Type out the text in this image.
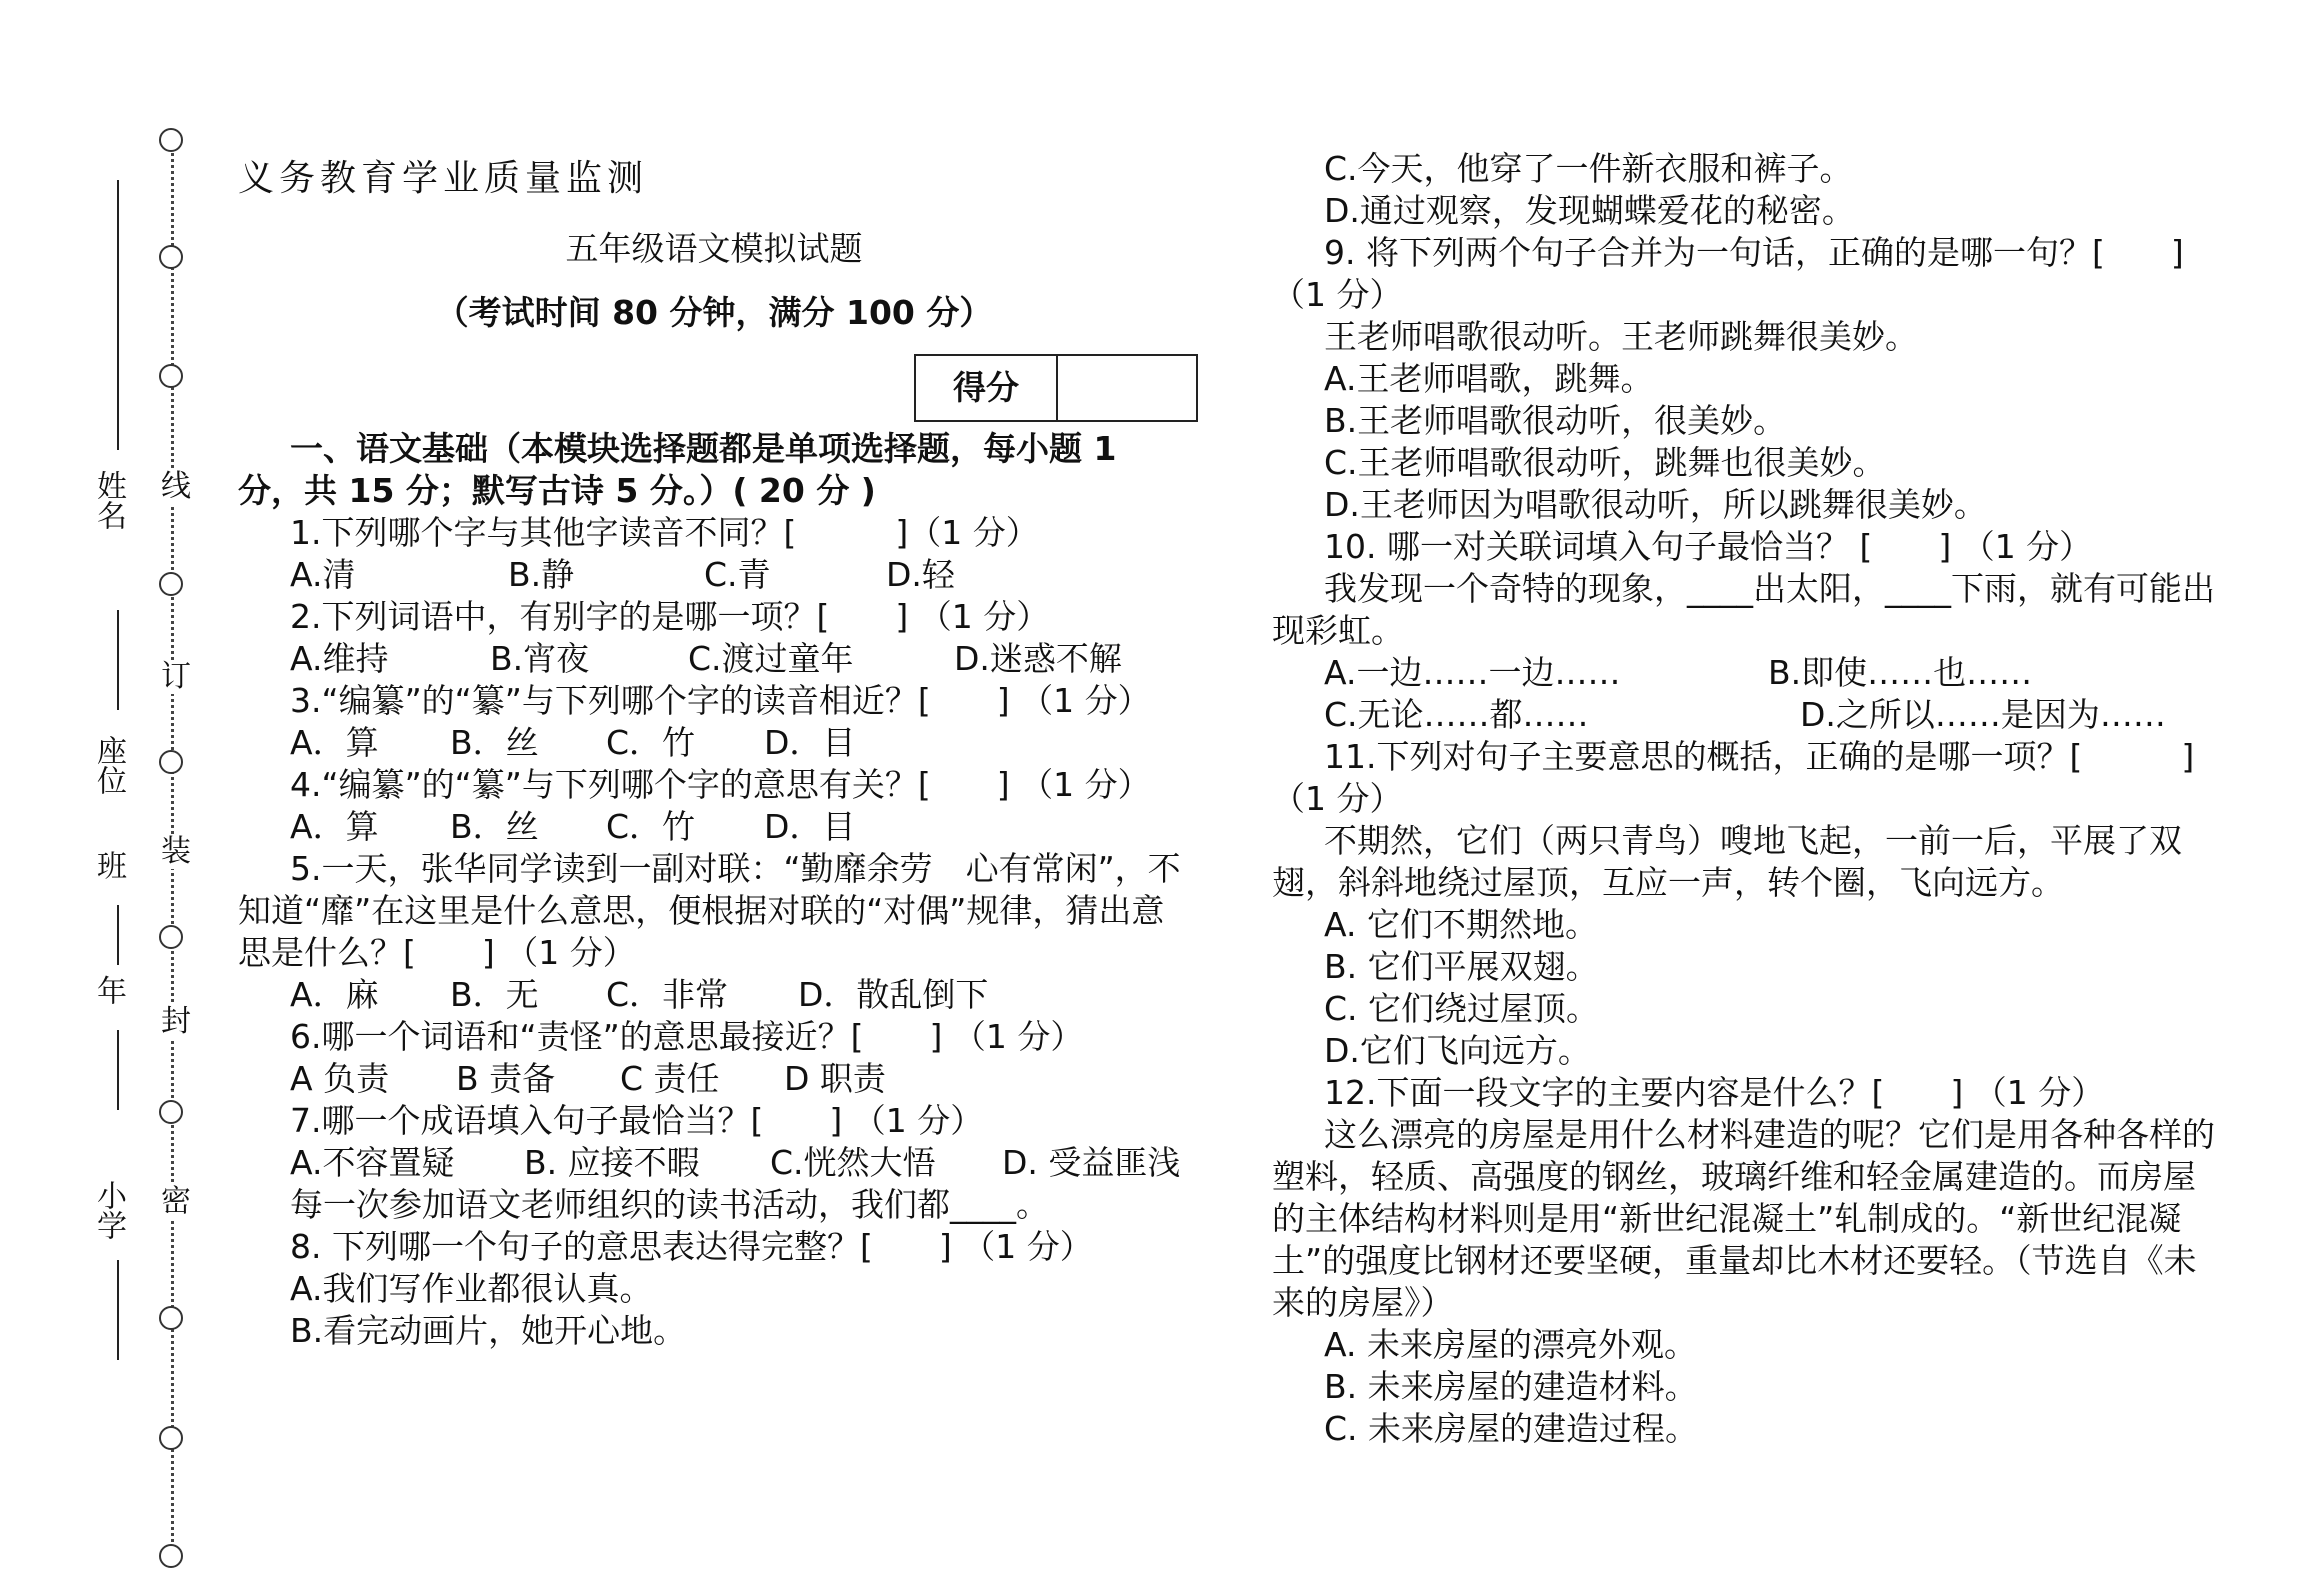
线
订
装
封
密
姓名
座位
班
年
小学

义务教育学业质量监测

五年级语文模拟试题

（考试时间 80 分钟，满分 100 分）

得分

一、语文基础（本模块选择题都是单项选择题，每小题 1 分，共 15 分；默写古诗 5 分。）( 20 分 )

1.下列哪个字与其他字读音不同？[　　　]（1 分）

A.清	B.静	C.青	D.轻

2.下列词语中，有别字的是哪一项？[　　] （1 分）

A.维持	B.宵夜	C.渡过童年	D.迷惑不解

3.“编纂”的“纂”与下列哪个字的读音相近？[　　] （1 分）

A．算	B．丝	C．竹	D．目

4.“编纂”的“纂”与下列哪个字的意思有关？[　　] （1 分）

A．算	B．丝	C．竹	D．目

5.一天，张华同学读到一副对联：“勤靡余劳　心有常闲”，不知道“靡”在这里是什么意思，便根据对联的“对偶”规律，猜出意思是什么？[　　] （1 分）

A．麻	B．无	C．非常	D．散乱倒下

6.哪一个词语和“责怪”的意思最接近？[　　] （1 分）

A 负责	B 责备	C 责任	D 职责

7.哪一个成语填入句子最恰当？[　　] （1 分）

A.不容置疑	B. 应接不暇	C.恍然大悟	D. 受益匪浅

每一次参加语文老师组织的读书活动，我们都____。

8. 下列哪一个句子的意思表达得完整？[　　] （1 分）

A.我们写作业都很认真。

B.看完动画片，她开心地。

C.今天，他穿了一件新衣服和裤子。

D.通过观察，发现蝴蝶爱花的秘密。

9. 将下列两个句子合并为一句话，正确的是哪一句？[　　] （1 分）

王老师唱歌很动听。王老师跳舞很美妙。

A.王老师唱歌，跳舞。

B.王老师唱歌很动听，很美妙。

C.王老师唱歌很动听，跳舞也很美妙。

D.王老师因为唱歌很动听，所以跳舞很美妙。

10. 哪一对关联词填入句子最恰当？ [　　] （1 分）

我发现一个奇特的现象，____出太阳，____下雨，就有可能出现彩虹。

A.一边……一边……	B.即使……也……
C.无论……都……	D.之所以……是因为……

11.下列对句子主要意思的概括，正确的是哪一项？[　　　]（1 分）

不期然，它们（两只青鸟）嗖地飞起，一前一后，平展了双翅，斜斜地绕过屋顶，互应一声，转个圈，飞向远方。

A. 它们不期然地。

B. 它们平展双翅。

C. 它们绕过屋顶。

D.它们飞向远方。

12.下面一段文字的主要内容是什么？[　　] （1 分）

这么漂亮的房屋是用什么材料建造的呢？它们是用各种各样的塑料，轻质、高强度的钢丝，玻璃纤维和轻金属建造的。而房屋的主体结构材料则是用“新世纪混凝土”轧制成的。“新世纪混凝土”的强度比钢材还要坚硬，重量却比木材还要轻。（节选自《未来的房屋》）

A. 未来房屋的漂亮外观。

B. 未来房屋的建造材料。

C. 未来房屋的建造过程。
